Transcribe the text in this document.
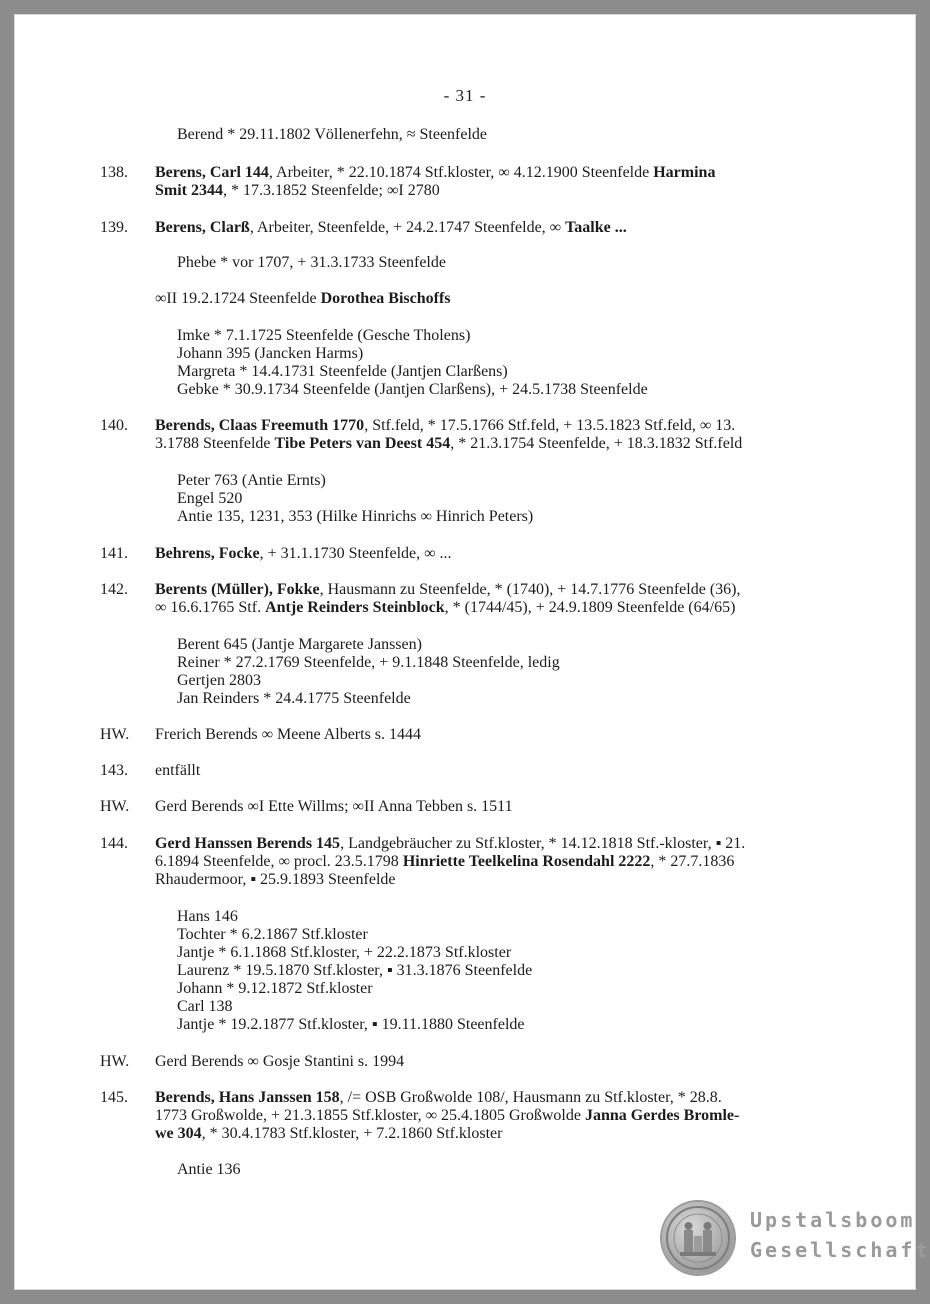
- 31 -
Berend * 29.11.1802 Völlenerfehn, ≈ Steenfelde
138. Berens, Carl 144, Arbeiter, * 22.10.1874 Stf.kloster, ∞ 4.12.1900 Steenfelde Harmina
Smit 2344, * 17.3.1852 Steenfelde; ∞I 2780
139. Berens, Clarß, Arbeiter, Steenfelde, + 24.2.1747 Steenfelde, ∞ Taalke ...
Phebe * vor 1707, + 31.3.1733 Steenfelde
∞II 19.2.1724 Steenfelde Dorothea Bischoffs
Imke * 7.1.1725 Steenfelde (Gesche Tholens)
Johann 395 (Jancken Harms)
Margreta * 14.4.1731 Steenfelde (Jantjen Clarßens)
Gebke * 30.9.1734 Steenfelde (Jantjen Clarßens), + 24.5.1738 Steenfelde
140. Berends, Claas Freemuth 1770, Stf.feld, * 17.5.1766 Stf.feld, + 13.5.1823 Stf.feld, ∞ 13.
3.1788 Steenfelde Tibe Peters van Deest 454, * 21.3.1754 Steenfelde, + 18.3.1832 Stf.feld
Peter 763 (Antie Ernts)
Engel 520
Antie 135, 1231, 353 (Hilke Hinrichs ∞ Hinrich Peters)
141. Behrens, Focke, + 31.1.1730 Steenfelde, ∞ ...
142. Berents (Müller), Fokke, Hausmann zu Steenfelde, * (1740), + 14.7.1776 Steenfelde (36),
∞ 16.6.1765 Stf. Antje Reinders Steinblock, * (1744/45), + 24.9.1809 Steenfelde (64/65)
Berent 645 (Jantje Margarete Janssen)
Reiner * 27.2.1769 Steenfelde, + 9.1.1848 Steenfelde, ledig
Gertjen 2803
Jan Reinders * 24.4.1775 Steenfelde
HW. Frerich Berends ∞ Meene Alberts s. 1444
143. entfällt
HW. Gerd Berends ∞I Ette Willms; ∞II Anna Tebben s. 1511
144. Gerd Hanssen Berends 145, Landgebräucher zu Stf.kloster, * 14.12.1818 Stf.-kloster, ▪ 21.
6.1894 Steenfelde, ∞ procl. 23.5.1798 Hinriette Teelkelina Rosendahl 2222, * 27.7.1836
Rhaudermoor, ▪ 25.9.1893 Steenfelde
Hans 146
Tochter * 6.2.1867 Stf.kloster
Jantje * 6.1.1868 Stf.kloster, + 22.2.1873 Stf.kloster
Laurenz * 19.5.1870 Stf.kloster, ▪ 31.3.1876 Steenfelde
Johann * 9.12.1872 Stf.kloster
Carl 138
Jantje * 19.2.1877 Stf.kloster, ▪ 19.11.1880 Steenfelde
HW. Gerd Berends ∞ Gosje Stantini s. 1994
145. Berends, Hans Janssen 158, /= OSB Großwolde 108/, Hausmann zu Stf.kloster, * 28.8.
1773 Großwolde, + 21.3.1855 Stf.kloster, ∞ 25.4.1805 Großwolde Janna Gerdes Bromle-
we 304, * 30.4.1783 Stf.kloster, + 7.2.1860 Stf.kloster
Antie 136
Upstalsboom
Gesellschaft
